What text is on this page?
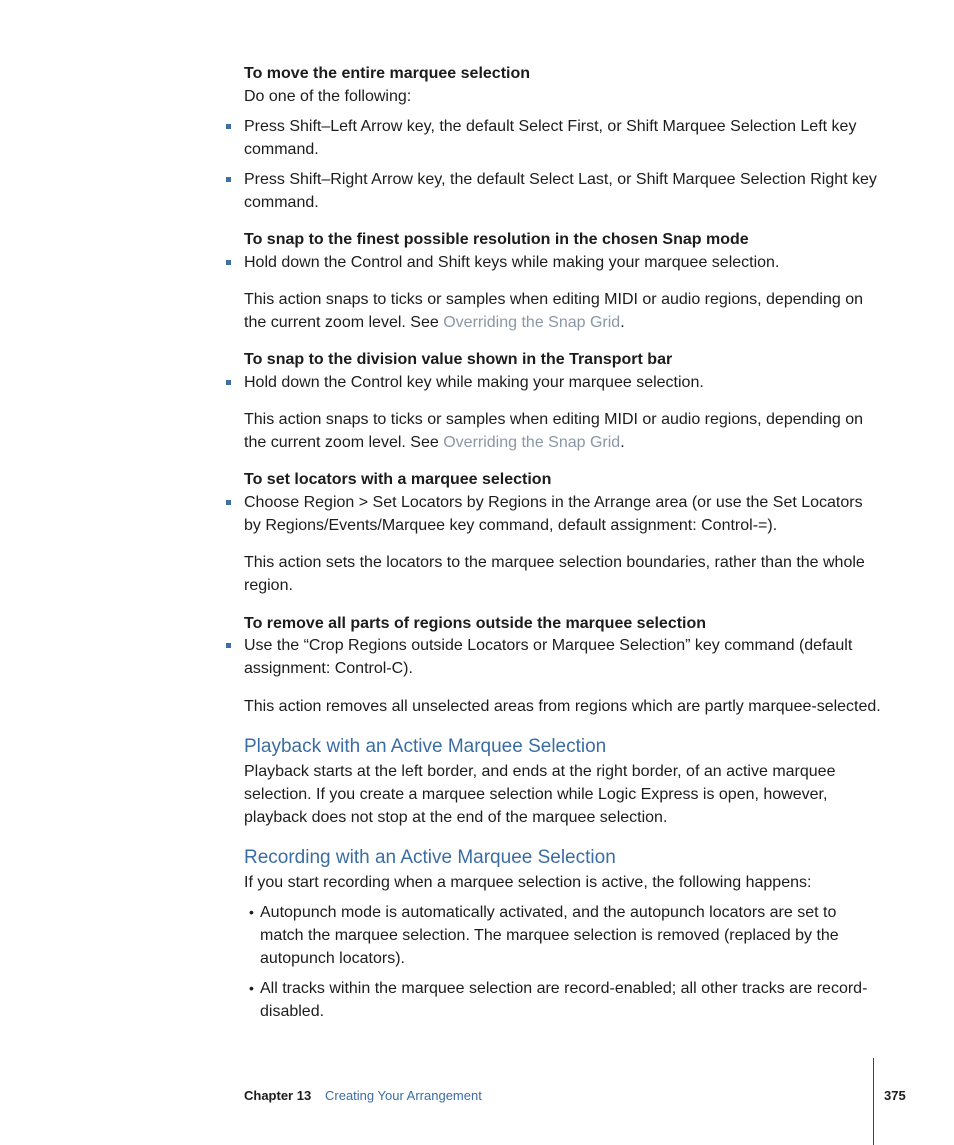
To move the entire marquee selection

Do one of the following:

Press Shift–Left Arrow key, the default Select First, or Shift Marquee Selection Left key command.

Press Shift–Right Arrow key, the default Select Last, or Shift Marquee Selection Right key command.

To snap to the finest possible resolution in the chosen Snap mode

Hold down the Control and Shift keys while making your marquee selection.

This action snaps to ticks or samples when editing MIDI or audio regions, depending on the current zoom level. See Overriding the Snap Grid.

To snap to the division value shown in the Transport bar

Hold down the Control key while making your marquee selection.

This action snaps to ticks or samples when editing MIDI or audio regions, depending on the current zoom level. See Overriding the Snap Grid.

To set locators with a marquee selection

Choose Region > Set Locators by Regions in the Arrange area (or use the Set Locators by Regions/Events/Marquee key command, default assignment: Control-=).

This action sets the locators to the marquee selection boundaries, rather than the whole region.

To remove all parts of regions outside the marquee selection

Use the “Crop Regions outside Locators or Marquee Selection” key command (default assignment: Control-C).

This action removes all unselected areas from regions which are partly marquee-selected.

Playback with an Active Marquee Selection

Playback starts at the left border, and ends at the right border, of an active marquee selection. If you create a marquee selection while Logic Express is open, however, playback does not stop at the end of the marquee selection.

Recording with an Active Marquee Selection

If you start recording when a marquee selection is active, the following happens:

• Autopunch mode is automatically activated, and the autopunch locators are set to match the marquee selection. The marquee selection is removed (replaced by the autopunch locators).

• All tracks within the marquee selection are record-enabled; all other tracks are record-disabled.

Chapter 13 Creating Your Arrangement	375
